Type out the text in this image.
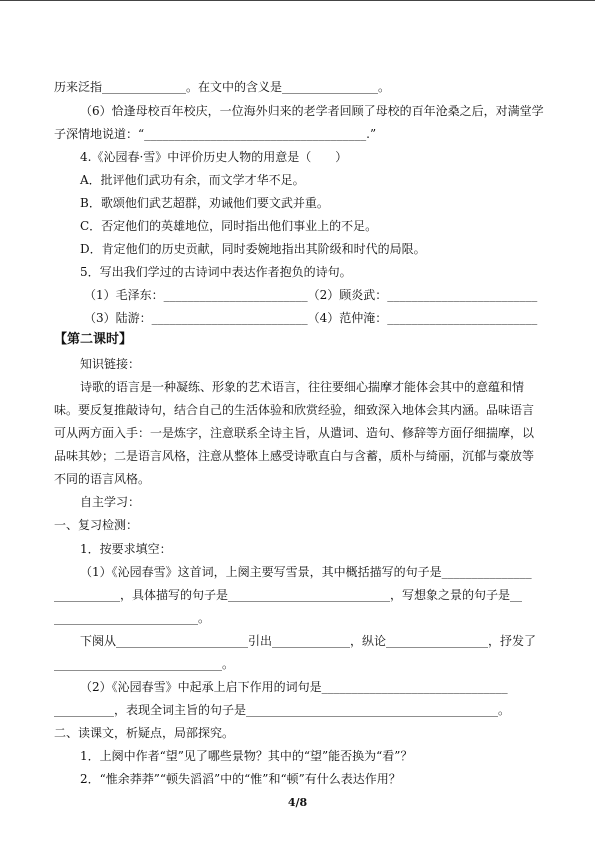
历来泛指______________。在文中的含义是________________。
（6）恰逢母校百年校庆，一位海外归来的老学者回顾了母校的百年沧桑之后，对满堂学
子深情地说道：“_____________________________________.”
4.《沁园春·雪》中评价历史人物的用意是（　　）
A．批评他们武功有余，而文学才华不足。
B．歌颂他们武艺超群，劝诫他们要文武并重。
C．否定他们的英雄地位，同时指出他们事业上的不足。
D．肯定他们的历史贡献，同时委婉地指出其阶级和时代的局限。
5．写出我们学过的古诗词中表达作者抱负的诗句。
（1）毛泽东：________________________（2）顾炎武：_________________________
（3）陆游：__________________________（4）范仲淹：_________________________
【第二课时】
知识链接：
诗歌的语言是一种凝练、形象的艺术语言，往往要细心揣摩才能体会其中的意蕴和情
味。要反复推敲诗句，结合自己的生活体验和欣赏经验，细致深入地体会其内涵。品味语言
可从两方面入手：一是炼字，注意联系全诗主旨，从遣词、造句、修辞等方面仔细揣摩，以
品味其妙；二是语言风格，注意从整体上感受诗歌直白与含蓄，质朴与绮丽，沉郁与豪放等
不同的语言风格。
自主学习：
一、复习检测：
1．按要求填空：
（1）《沁园春雪》这首词，上阕主要写雪景，其中概括描写的句子是_______________
___________，具体描写的句子是___________________________，写想象之景的句子是__
________________________。
下阕从______________________引出_____________，纵论_________________，抒发了
____________________________。
（2）《沁园春雪》中起承上启下作用的词句是_______________________________
__________，表现全词主旨的句子是__________________________________________。
二、读课文，析疑点，局部探究。
1．上阕中作者“望”见了哪些景物？其中的“望”能否换为“看”？
2．“惟余莽莽”“顿失滔滔”中的“惟”和“顿”有什么表达作用？
4/8
